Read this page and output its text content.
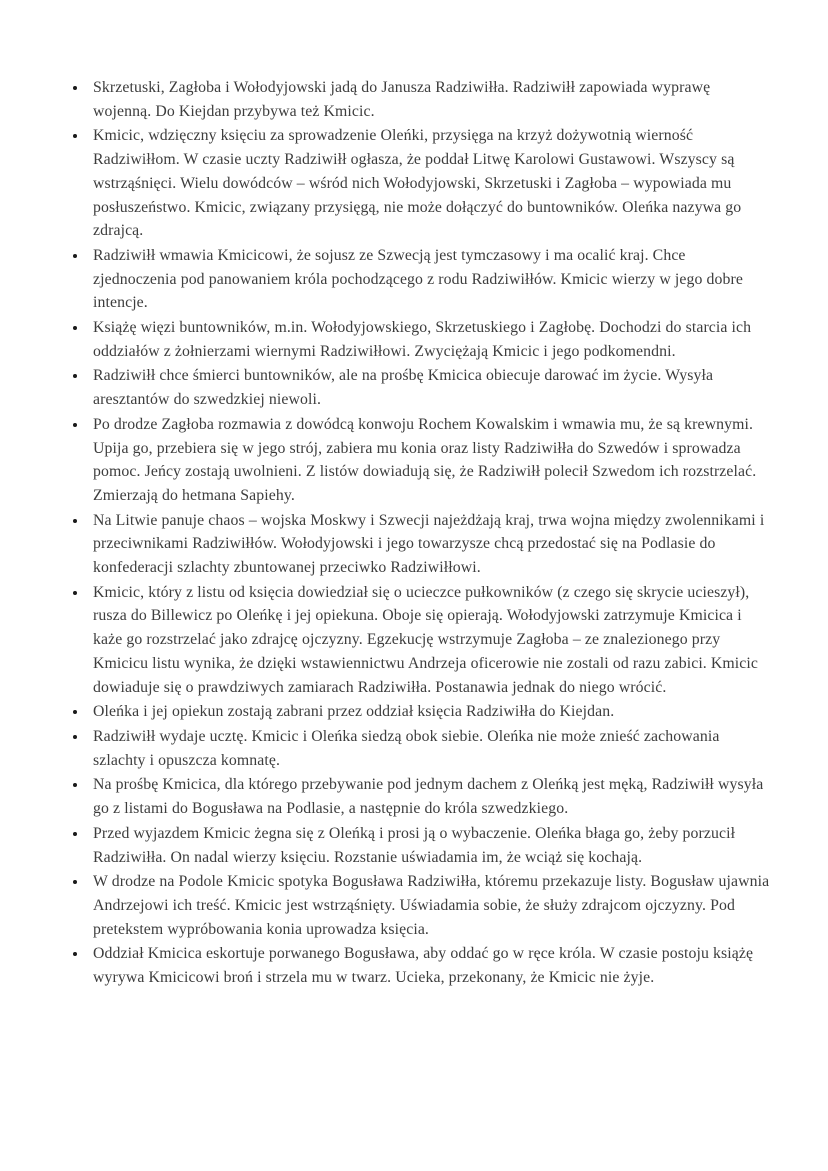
• Skrzetuski, Zagłoba i Wołodyjowski jadą do Janusza Radziwiłła. Radziwiłł zapowiada wyprawę wojenną. Do Kiejdan przybywa też Kmicic.
• Kmicic, wdzięczny księciu za sprowadzenie Oleńki, przysięga na krzyż dożywotnią wierność Radziwiłłom. W czasie uczty Radziwiłł ogłasza, że poddał Litwę Karolowi Gustawowi. Wszyscy są wstrząśnięci. Wielu dowódców – wśród nich Wołodyjowski, Skrzetuski i Zagłoba – wypowiada mu posłuszeństwo. Kmicic, związany przysięgą, nie może dołączyć do buntowników. Oleńka nazywa go zdrajcą.
• Radziwiłł wmawia Kmicicowi, że sojusz ze Szwecją jest tymczasowy i ma ocalić kraj. Chce zjednoczenia pod panowaniem króla pochodzącego z rodu Radziwiłłów. Kmicic wierzy w jego dobre intencje.
• Książę więzi buntowników, m.in. Wołodyjowskiego, Skrzetuskiego i Zagłobę. Dochodzi do starcia ich oddziałów z żołnierzami wiernymi Radziwiłłowi. Zwyciężają Kmicic i jego podkomendni.
• Radziwiłł chce śmierci buntowników, ale na prośbę Kmicica obiecuje darować im życie. Wysyła aresztantów do szwedzkiej niewoli.
• Po drodze Zagłoba rozmawia z dowódcą konwoju Rochem Kowalskim i wmawia mu, że są krewnymi. Upija go, przebiera się w jego strój, zabiera mu konia oraz listy Radziwiłła do Szwedów i sprowadza pomoc. Jeńcy zostają uwolnieni. Z listów dowiadują się, że Radziwiłł polecił Szwedom ich rozstrzelać. Zmierzają do hetmana Sapiehy.
• Na Litwie panuje chaos – wojska Moskwy i Szwecji najeżdżają kraj, trwa wojna między zwolennikami i przeciwnikami Radziwiłłów. Wołodyjowski i jego towarzysze chcą przedostać się na Podlasie do konfederacji szlachty zbuntowanej przeciwko Radziwiłłowi.
• Kmicic, który z listu od księcia dowiedział się o ucieczce pułkowników (z czego się skrycie ucieszył), rusza do Billewicz po Oleńkę i jej opiekuna. Oboje się opierają. Wołodyjowski zatrzymuje Kmicica i każe go rozstrzelać jako zdrajcę ojczyzny. Egzekucję wstrzymuje Zagłoba – ze znalezionego przy Kmicicu listu wynika, że dzięki wstawiennictwu Andrzeja oficerowie nie zostali od razu zabici. Kmicic dowiaduje się o prawdziwych zamiarach Radziwiłła. Postanawia jednak do niego wrócić.
• Oleńka i jej opiekun zostają zabrani przez oddział księcia Radziwiłła do Kiejdan.
• Radziwiłł wydaje ucztę. Kmicic i Oleńka siedzą obok siebie. Oleńka nie może znieść zachowania szlachty i opuszcza komnatę.
• Na prośbę Kmicica, dla którego przebywanie pod jednym dachem z Oleńką jest męką, Radziwiłł wysyła go z listami do Bogusława na Podlasie, a następnie do króla szwedzkiego.
• Przed wyjazdem Kmicic żegna się z Oleńką i prosi ją o wybaczenie. Oleńka błaga go, żeby porzucił Radziwiłła. On nadal wierzy księciu. Rozstanie uświadamia im, że wciąż się kochają.
• W drodze na Podole Kmicic spotyka Bogusława Radziwiłła, któremu przekazuje listy. Bogusław ujawnia Andrzejowi ich treść. Kmicic jest wstrząśnięty. Uświadamia sobie, że służy zdrajcom ojczyzny. Pod pretekstem wypróbowania konia uprowadza księcia.
• Oddział Kmicica eskortuje porwanego Bogusława, aby oddać go w ręce króla. W czasie postoju książę wyrywa Kmicicowi broń i strzela mu w twarz. Ucieka, przekonany, że Kmicic nie żyje.
